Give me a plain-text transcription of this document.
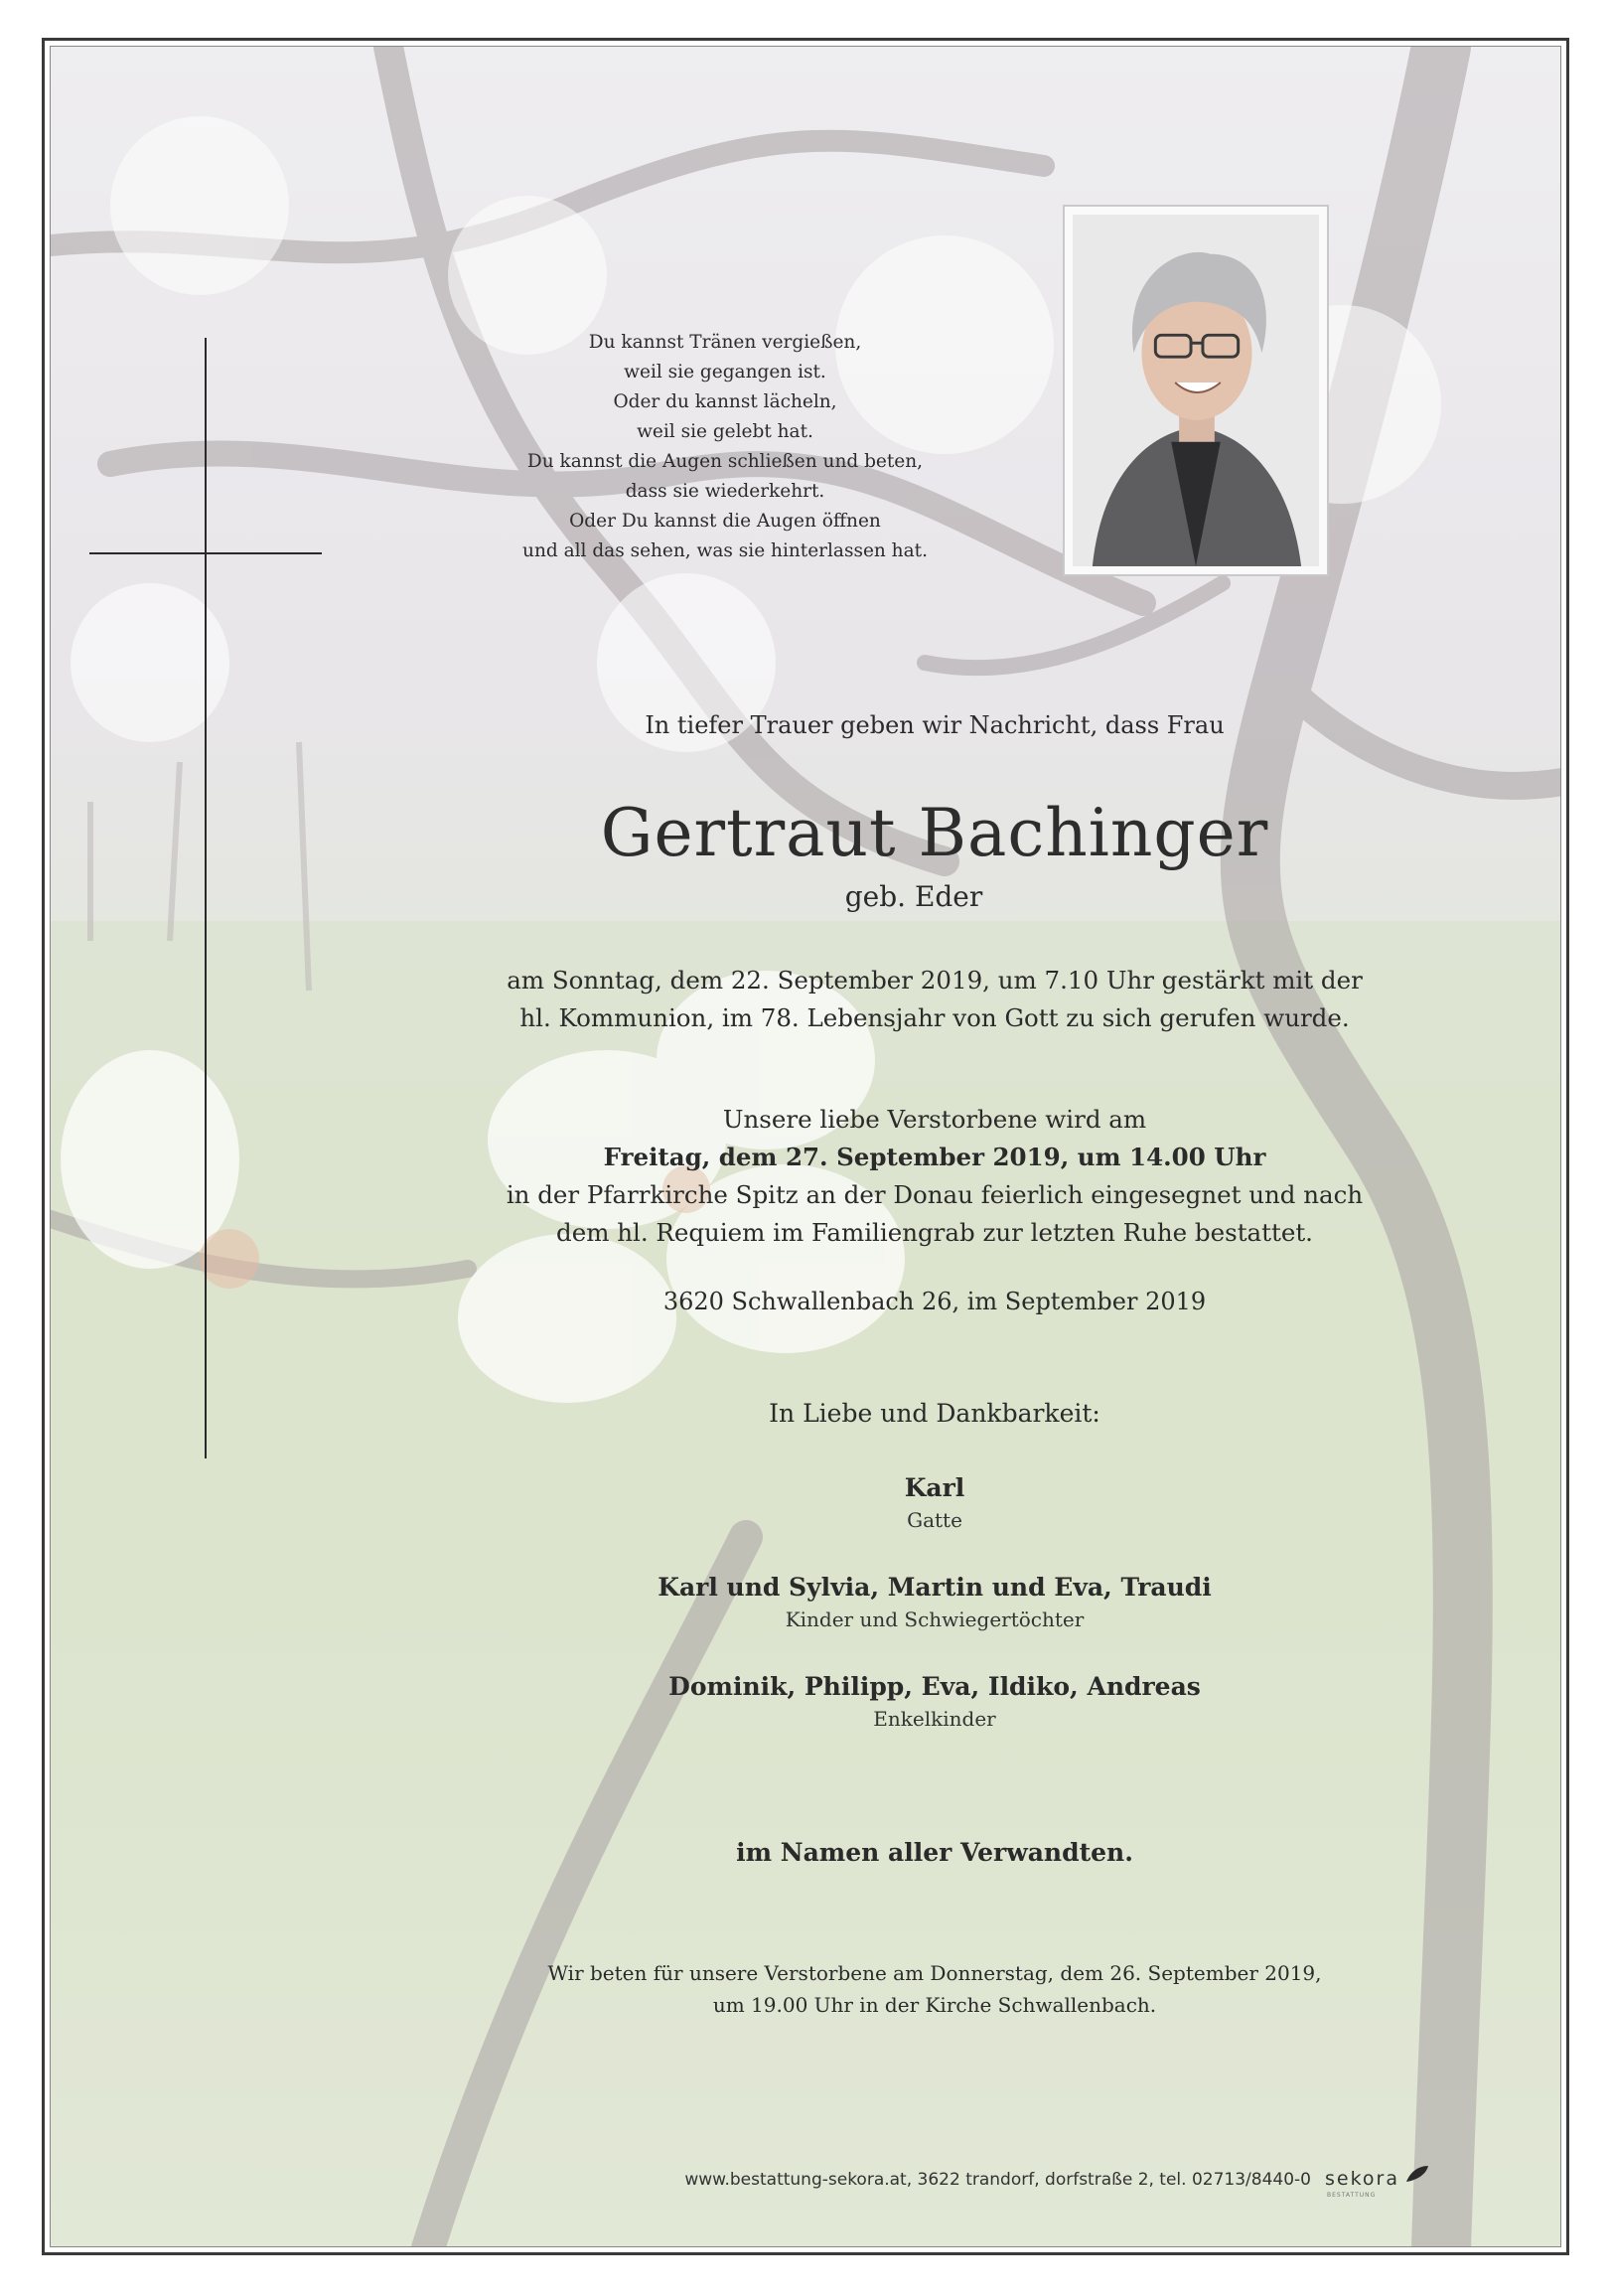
Du kannst Tränen vergießen,
weil sie gegangen ist.
Oder du kannst lächeln,
weil sie gelebt hat.
Du kannst die Augen schließen und beten,
dass sie wiederkehrt.
Oder Du kannst die Augen öffnen
und all das sehen, was sie hinterlassen hat.
In tiefer Trauer geben wir Nachricht, dass Frau
Gertraut Bachinger
geb. Eder
am Sonntag, dem 22. September 2019, um 7.10 Uhr gestärkt mit der
hl. Kommunion, im 78. Lebensjahr von Gott zu sich gerufen wurde.
Unsere liebe Verstorbene wird am
Freitag, dem 27. September 2019, um 14.00 Uhr
in der Pfarrkirche Spitz an der Donau feierlich eingesegnet und nach
dem hl. Requiem im Familiengrab zur letzten Ruhe bestattet.
3620 Schwallenbach 26, im September 2019
In Liebe und Dankbarkeit:
Karl
Gatte
Karl und Sylvia, Martin und Eva, Traudi
Kinder und Schwiegertöchter
Dominik, Philipp, Eva, Ildiko, Andreas
Enkelkinder
im Namen aller Verwandten.
Wir beten für unsere Verstorbene am Donnerstag, dem 26. September 2019,
um 19.00 Uhr in der Kirche Schwallenbach.
www.bestattung-sekora.at, 3622 trandorf, dorfstraße 2, tel. 02713/8440-0 sekora
BESTATTUNG
